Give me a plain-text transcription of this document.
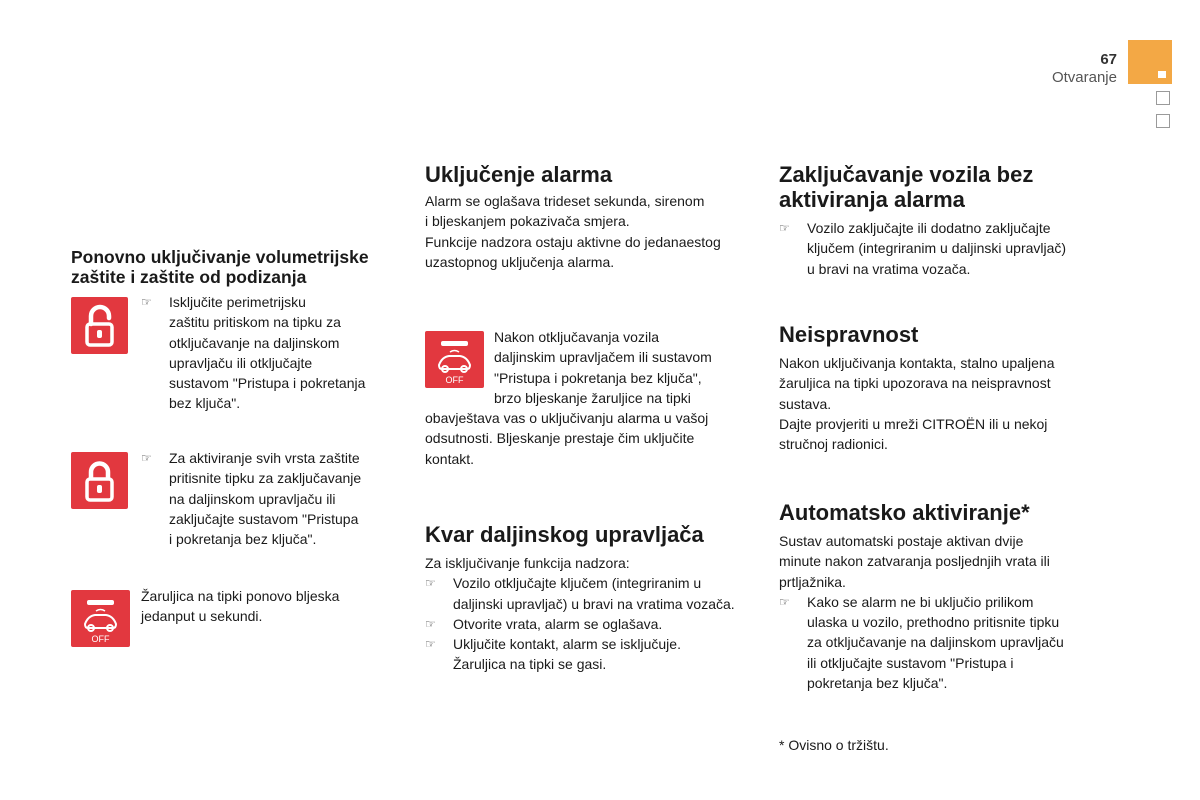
67
Otvaranje
Ponovno uključivanje volumetrijske
zaštite i zaštite od podizanja
☞ Isključite perimetrijsku
zaštitu pritiskom na tipku za
otključavanje na daljinskom
upravljaču ili otključajte
sustavom "Pristupa i pokretanja
bez ključa".
☞ Za aktiviranje svih vrsta zaštite
pritisnite tipku za zaključavanje
na daljinskom upravljaču ili
zaključajte sustavom "Pristupa
i pokretanja bez ključa".
OFF

Žaruljica na tipki ponovo bljeska

jedanput u sekundi.

Uključenje alarma

Alarm se oglašava trideset sekunda, sirenom

i bljeskanjem pokazivača smjera.

Funkcije nadzora ostaju aktivne do jedanaestog

uzastopnog uključenja alarma.

OFF

Nakon otključavanja vozila

daljinskim upravljačem ili sustavom

"Pristupa i pokretanja bez ključa",

brzo bljeskanje žaruljice na tipki

obavještava vas o uključivanju alarma u vašoj

odsutnosti. Bljeskanje prestaje čim uključite

kontakt.

Kvar daljinskog upravljača

Za isključivanje funkcija nadzora:

☞ Vozilo otključajte ključem (integriranim u
daljinski upravljač) u bravi na vratima vozača.
☞ Otvorite vrata, alarm se oglašava.
☞ Uključite kontakt, alarm se isključuje.
Žaruljica na tipki se gasi.
Zaključavanje vozila bez
aktiviranja alarma
☞ Vozilo zaključajte ili dodatno zaključajte
ključem (integriranim u daljinski upravljač)
u bravi na vratima vozača.
Neispravnost

Nakon uključivanja kontakta, stalno upaljena

žaruljica na tipki upozorava na neispravnost

sustava.

Dajte provjeriti u mreži CITROËN ili u nekoj

stručnoj radionici.

Automatsko aktiviranje*

Sustav automatski postaje aktivan dvije

minute nakon zatvaranja posljednjih vrata ili

prtljažnika.

☞ Kako se alarm ne bi uključio prilikom
ulaska u vozilo, prethodno pritisnite tipku
za otključavanje na daljinskom upravljaču
ili otključajte sustavom "Pristupa i
pokretanja bez ključa".

* Ovisno o tržištu.
